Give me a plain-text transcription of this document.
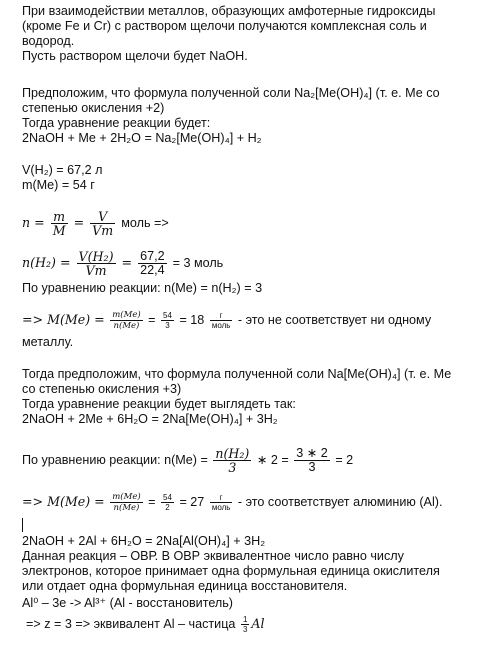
При взаимодействии металлов, образующих амфотерные гидроксиды
(кроме Fe и Cr) с раствором щелочи получаются комплексная соль и
водород.
Пусть раствором щелочи будет NaOH.
Предположим, что формула полученной соли Na₂[Me(OH)₄] (т. е. Ме со
степенью окисления +2)
Тогда уравнение реакции будет:
2NaOH + Me + 2H₂O = Na₂[Me(OH)₄] + H₂
V(H₂) = 67,2 л
m(Me) = 54 г
$n = \frac{m}{M} = \frac{V}{Vm}$ моль =>
$n(H_2) = \frac{\text{V(H₂)}}{Vm} = \frac{67,2}{22,4} = 3$ моль
По уравнению реакции: n(Me) = n(H₂) = 3
=> $M(Me) = \frac{m(Me)}{n(Me)} = \frac{54}{3} = 18$	г
моль - это не соответствует ни одному
металлу.
Тогда предположим, что формула полученной соли Na[Me(OH)₄] (т. е. Ме
со степенью окисления +3)
Тогда уравнение реакции будет выглядеть так:
2NaOH + 2Me + 6H₂O = 2Na[Me(OH)₄] + 3H₂
По уравнению реакции: $n(Me) = \frac{\text{n(H₂)}}{3}$ ∗ $2 = \frac{3 ∗ 2}{3} = 2$
=> $M(Me) = \frac{m(Me)}{n(Me)} = \frac{54}{2} = 27$	г
моль - это соответствует алюминию (Al).
2NaOH + 2Al + 6H₂O = 2Na[Al(OH)₄] + 3H₂
Данная реакция – ОВР. В ОВР эквивалентное число равно числу
электронов, которое принимает одна формульная единица окислителя
или отдает одна формульная единица восстановителя.
Al⁰ – 3e -> Al³⁺ (Al - восстановитель)
=> z = 3 => эквивалент Al – частица $\frac{1}{3}$ Al
